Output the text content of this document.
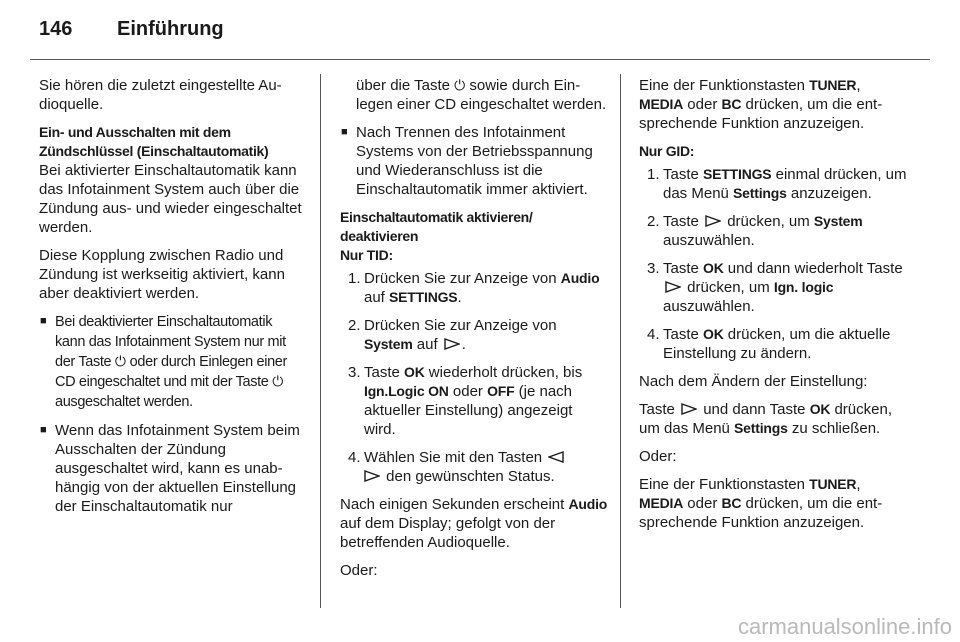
146 Einführung

Sie hören die zuletzt eingestellte Audioquelle.

Ein- und Ausschalten mit dem Zündschlüssel (Einschaltautomatik)

Bei aktivierter Einschaltautomatik kann das Infotainment System auch über die Zündung aus- und wieder eingeschaltet werden.

Diese Kopplung zwischen Radio und Zündung ist werkseitig aktiviert, kann aber deaktiviert werden.

■ Bei deaktivierter Einschaltautomatik kann das Infotainment System nur mit der Taste ⏻ oder durch Einlegen einer CD eingeschaltet und mit der Taste ⏻ ausgeschaltet werden.
■ Wenn das Infotainment System beim Ausschalten der Zündung ausgeschaltet wird, kann es unabhängig von der aktuellen Einstellung der Einschaltautomatik nur
über die Taste ⏻ sowie durch Einlegen einer CD eingeschaltet werden.
■ Nach Trennen des Infotainment Systems von der Betriebsspannung und Wiederanschluss ist die Einschaltautomatik immer aktiviert.

Einschaltautomatik aktivieren/ deaktivieren

Nur TID:

1. Drücken Sie zur Anzeige von Audio auf SETTINGS.
2. Drücken Sie zur Anzeige von System auf .
3. Taste OK wiederholt drücken, bis Ign.Logic ON oder OFF (je nach aktueller Einstellung) angezeigt wird.
4. Wählen Sie mit den Tasten
den gewünschten Status.

Nach einigen Sekunden erscheint Audio auf dem Display; gefolgt von der betreffenden Audioquelle.

Oder:

Eine der Funktionstasten TUNER, MEDIA oder BC drücken, um die entsprechende Funktion anzuzeigen.

Nur GID:

1. Taste SETTINGS einmal drücken, um das Menü Settings anzuzeigen.
2. Taste  drücken, um System auszuwählen.
3. Taste OK und dann wiederholt Taste  drücken, um Ign. logic auszuwählen.
4. Taste OK drücken, um die aktuelle Einstellung zu ändern.

Nach dem Ändern der Einstellung:

Taste  und dann Taste OK drücken, um das Menü Settings zu schließen.

Oder:

Eine der Funktionstasten TUNER, MEDIA oder BC drücken, um die entsprechende Funktion anzuzeigen.

carmanualsonline.info
